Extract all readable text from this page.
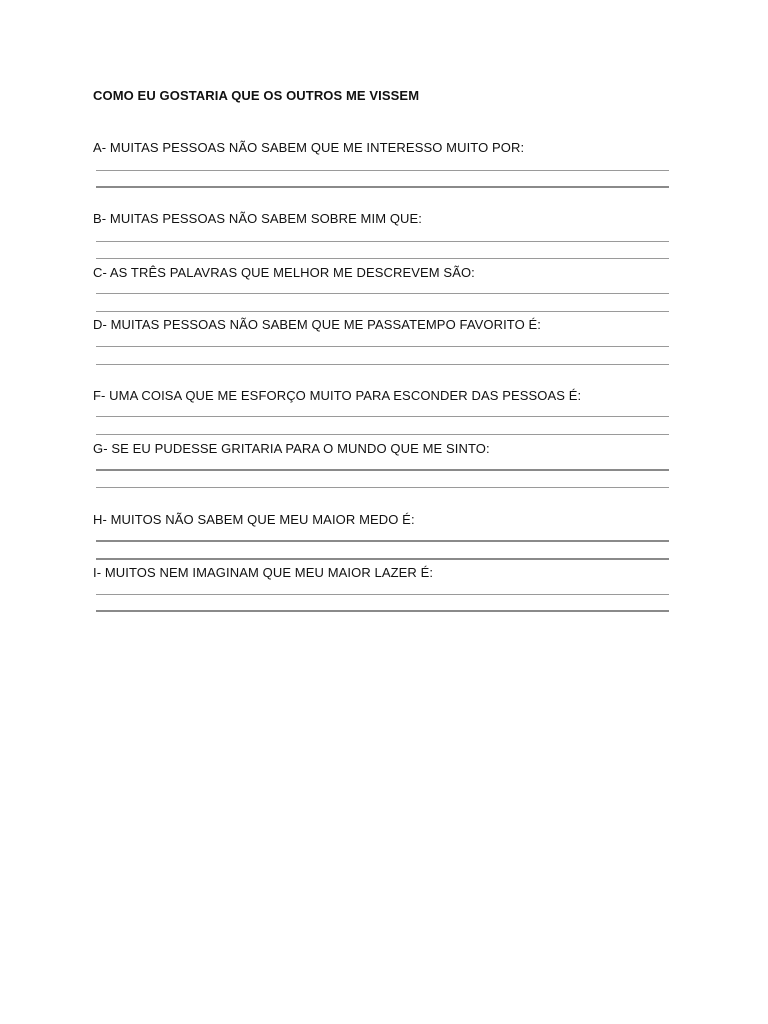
COMO EU GOSTARIA QUE OS OUTROS ME VISSEM
A- MUITAS PESSOAS NÃO SABEM QUE ME INTERESSO MUITO POR:
B- MUITAS PESSOAS NÃO SABEM SOBRE MIM QUE:
C- AS TRÊS PALAVRAS QUE MELHOR ME DESCREVEM SÃO:
D- MUITAS PESSOAS NÃO SABEM QUE ME PASSATEMPO FAVORITO É:
F- UMA COISA QUE ME ESFORÇO MUITO PARA ESCONDER DAS PESSOAS É:
G- SE EU PUDESSE GRITARIA PARA O MUNDO QUE ME SINTO:
H- MUITOS NÃO SABEM QUE MEU MAIOR MEDO É:
I- MUITOS NEM IMAGINAM QUE MEU MAIOR LAZER É:
